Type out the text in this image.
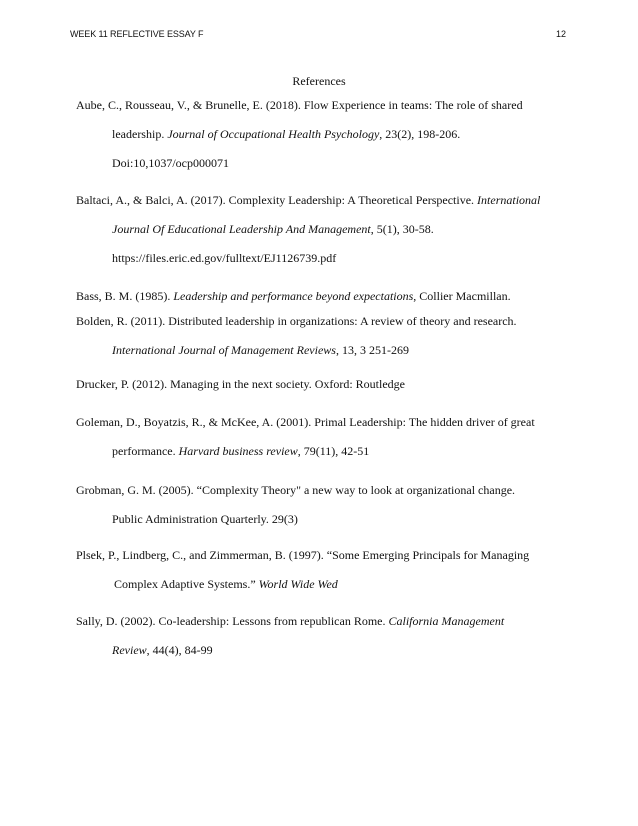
WEEK 11 REFLECTIVE ESSAY F	12
References
Aube, C., Rousseau, V., & Brunelle, E. (2018). Flow Experience in teams: The role of shared
leadership. Journal of Occupational Health Psychology, 23(2), 198-206.
Doi:10,1037/ocp000071
Baltaci, A., & Balci, A. (2017). Complexity Leadership: A Theoretical Perspective. International
Journal Of Educational Leadership And Management, 5(1), 30-58.
https://files.eric.ed.gov/fulltext/EJ1126739.pdf
Bass, B. M. (1985). Leadership and performance beyond expectations, Collier Macmillan.
Bolden, R. (2011). Distributed leadership in organizations: A review of theory and research.
International Journal of Management Reviews, 13, 3 251-269
Drucker, P. (2012). Managing in the next society. Oxford: Routledge
Goleman, D., Boyatzis, R., & McKee, A. (2001). Primal Leadership: The hidden driver of great
performance. Harvard business review, 79(11), 42-51
Grobman, G. M. (2005). “Complexity Theory" a new way to look at organizational change.
Public Administration Quarterly. 29(3)
Plsek, P., Lindberg, C., and Zimmerman, B. (1997). “Some Emerging Principals for Managing
Complex Adaptive Systems.” World Wide Wed
Sally, D. (2002). Co-leadership: Lessons from republican Rome. California Management
Review, 44(4), 84-99
